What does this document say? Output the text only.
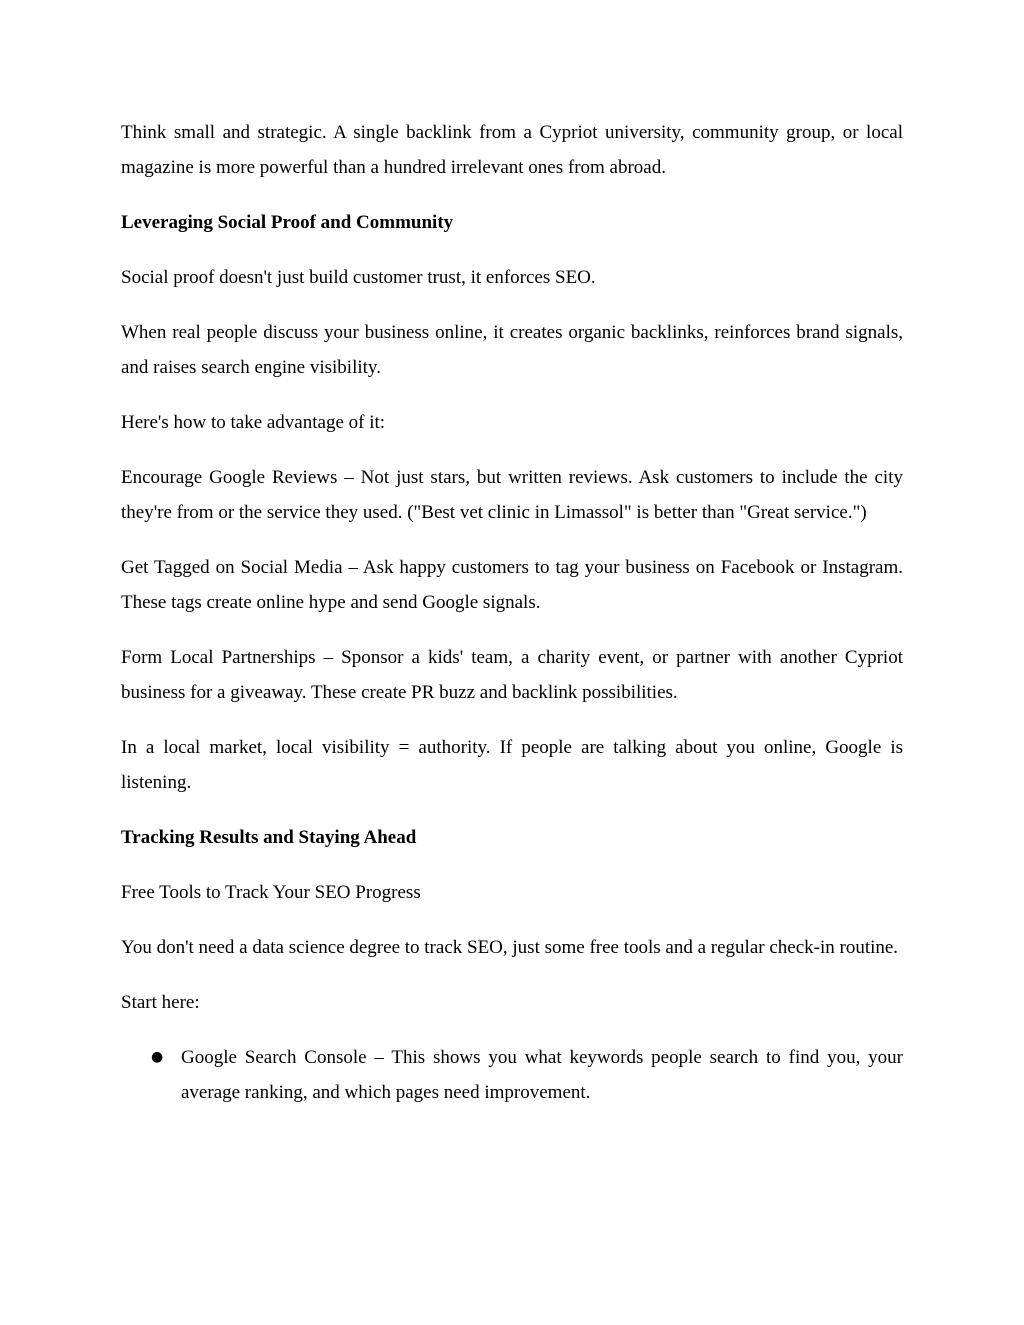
Think small and strategic. A single backlink from a Cypriot university, community group, or local magazine is more powerful than a hundred irrelevant ones from abroad.

Leveraging Social Proof and Community

Social proof doesn't just build customer trust, it enforces SEO.

When real people discuss your business online, it creates organic backlinks, reinforces brand signals, and raises search engine visibility.

Here's how to take advantage of it:

Encourage Google Reviews – Not just stars, but written reviews. Ask customers to include the city they're from or the service they used. ("Best vet clinic in Limassol" is better than "Great service.")

Get Tagged on Social Media – Ask happy customers to tag your business on Facebook or Instagram. These tags create online hype and send Google signals.

Form Local Partnerships – Sponsor a kids' team, a charity event, or partner with another Cypriot business for a giveaway. These create PR buzz and backlink possibilities.

In a local market, local visibility = authority. If people are talking about you online, Google is listening.

Tracking Results and Staying Ahead

Free Tools to Track Your SEO Progress

You don't need a data science degree to track SEO, just some free tools and a regular check-in routine.

Start here:

● Google Search Console – This shows you what keywords people search to find you, your average ranking, and which pages need improvement.
